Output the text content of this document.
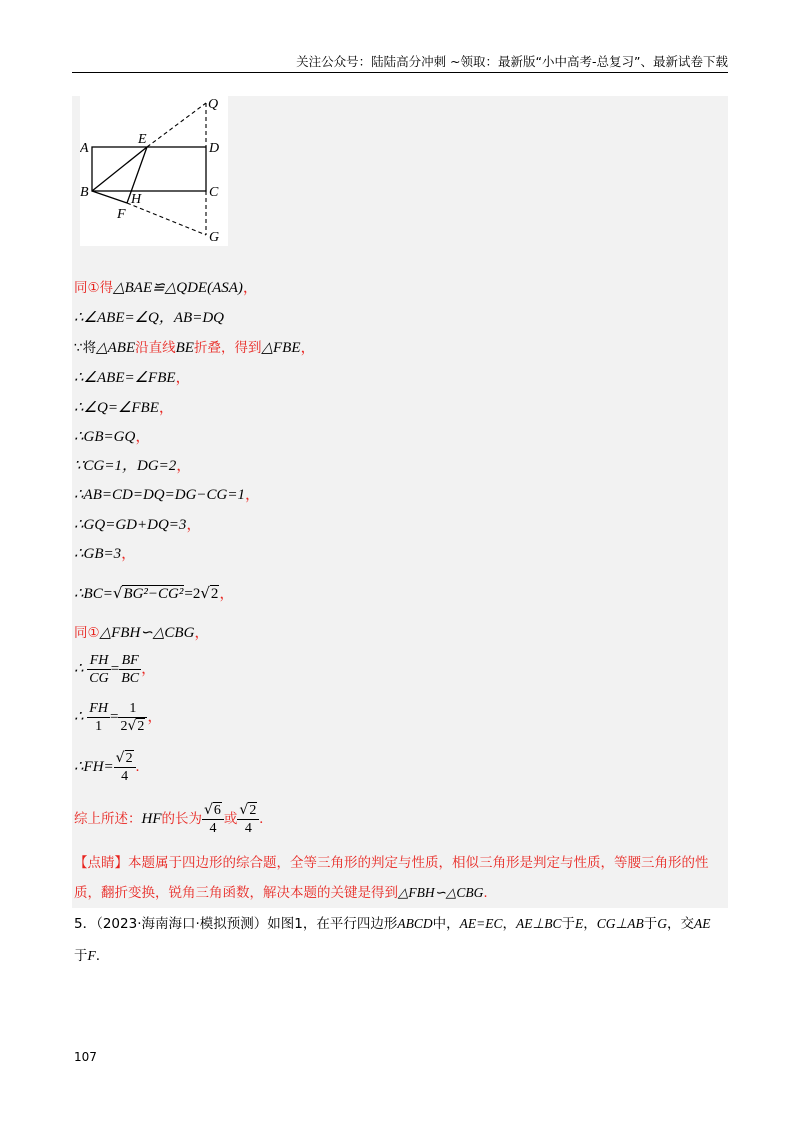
关注公众号：陆陆高分冲刺 ~领取：最新版“小中高考-总复习”、最新试卷下载
A
E
Q
D
B	H	C
F
G
同①得△BAE≌△QDE(ASA)，
∴∠ABE=∠Q，AB=DQ
∵将△ABE沿直线BE折叠，得到△FBE，
∴∠ABE=∠FBE，
∴∠Q=∠FBE，
∴GB=GQ，
∵CG=1，DG=2，
∴AB=CD=DQ=DG−CG=1，
∴GQ=GD+DQ=3，
∴GB=3，
∴BC=√BG²−CG²=2√2，
同①△FBH∽△CBG，
∴ $\frac{FH}{CG} = \frac{BF}{BC}$ ，
∴ $\frac{FH}{1} = \frac{1}{2√2}$ ，
∴FH= $\frac{√2}{4}$ .
综上所述：HF的长为 $\frac{√6}{4}$ 或 $\frac{√2}{4}$ .
【点睛】本题属于四边形的综合题，全等三角形的判定与性质，相似三角形是判定与性质，等腰三角形的性质，翻折变换，锐角三角函数，解决本题的关键是得到△FBH∽△CBG.
5．（2023·海南海口·模拟预测）如图1，在平行四边形ABCD中，AE=EC，AE⊥BC于E，CG⊥AB于G，交AE于F.
107
